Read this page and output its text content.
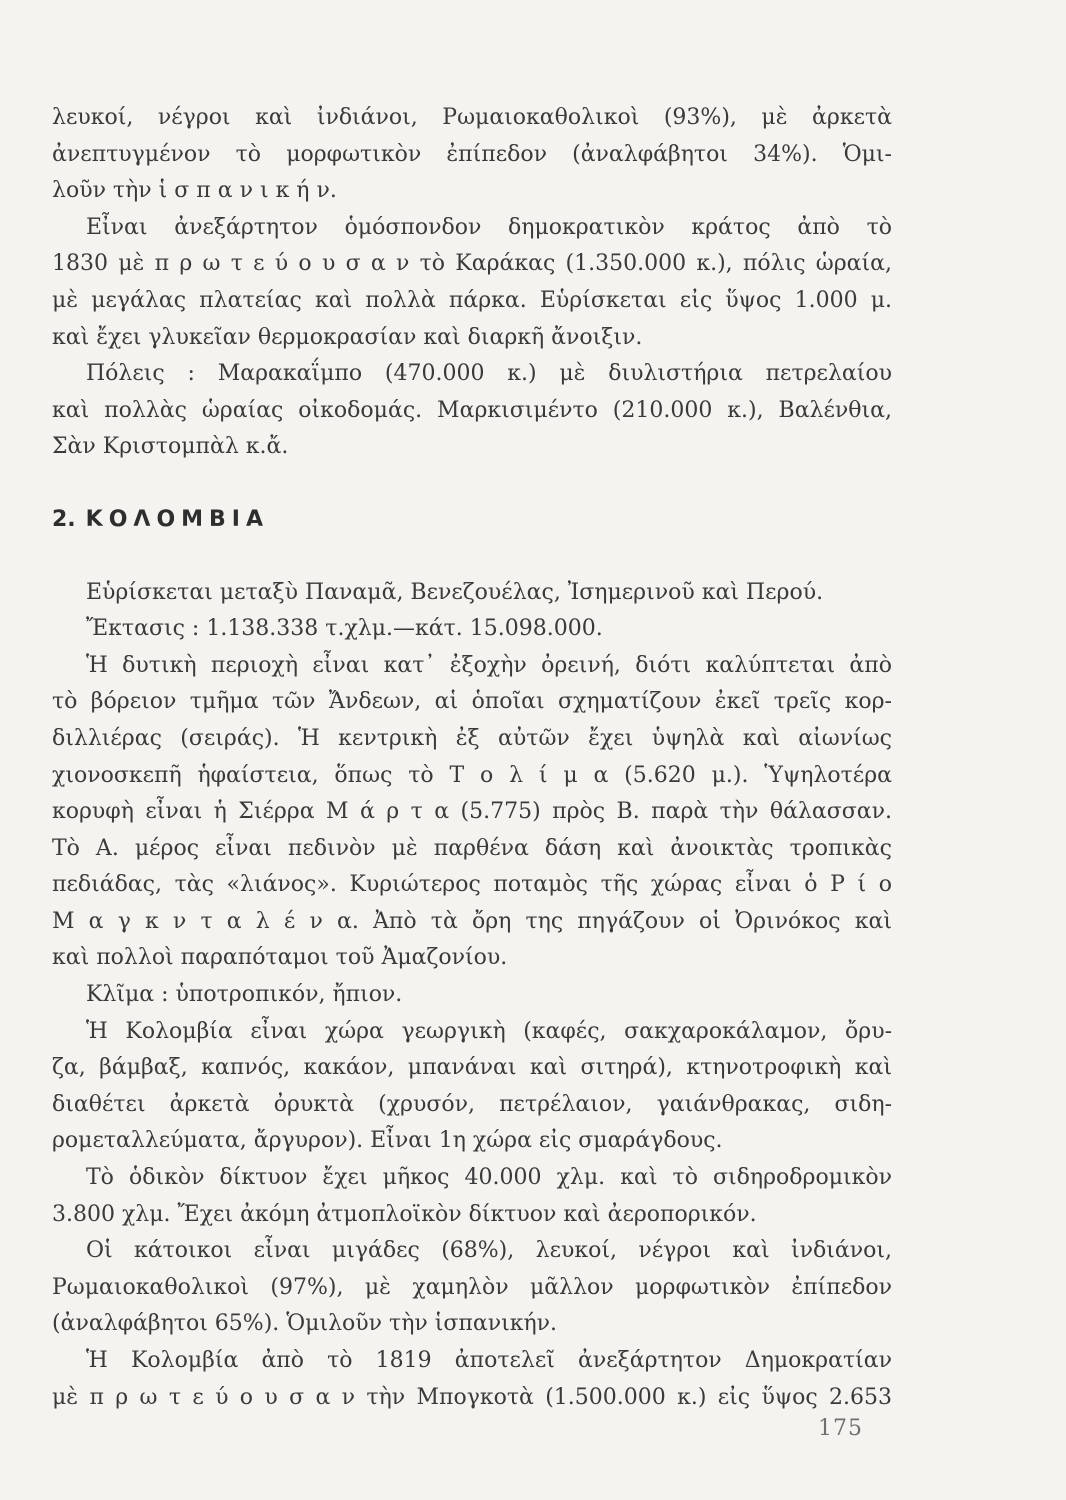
λευκοί, νέγροι καὶ ἰνδιάνοι, Ρωμαιοκαθολικοὶ (93%), μὲ ἀρκετὰ
ἀνεπτυγμένον τὸ μορφωτικὸν ἐπίπεδον (ἀναλφάβητοι 34%). Ὁμι-
λοῦν τὴν ἱ σ π α ν ι κ ή ν.
Εἶναι ἀνεξάρτητον ὁμόσπονδον δημοκρατικὸν κράτος ἀπὸ τὸ
1830 μὲ π ρ ω τ ε ύ ο υ σ α ν τὸ Καράκας (1.350.000 κ.), πόλις ὡραία,
μὲ μεγάλας πλατείας καὶ πολλὰ πάρκα. Εὑρίσκεται εἰς ὕψος 1.000 μ.
καὶ ἔχει γλυκεῖαν θερμοκρασίαν καὶ διαρκῆ ἄνοιξιν.
Πόλεις : Μαρακαΐμπο (470.000 κ.) μὲ διυλιστήρια πετρελαίου
καὶ πολλὰς ὡραίας οἰκοδομάς. Μαρκισιμέντο (210.000 κ.), Βαλένθια,
Σὰν Κριστομπὰλ κ.ἄ.
2. ΚΟΛΟΜΒΙΑ
Εὑρίσκεται μεταξὺ Παναμᾶ, Βενεζουέλας, Ἰσημερινοῦ καὶ Περού.
Ἔκτασις : 1.138.338 τ.χλμ.—κάτ. 15.098.000.
Ἡ δυτικὴ περιοχὴ εἶναι κατ᾿ ἐξοχὴν ὀρεινή, διότι καλύπτεται ἀπὸ
τὸ βόρειον τμῆμα τῶν Ἄνδεων, αἱ ὁποῖαι σχηματίζουν ἐκεῖ τρεῖς κορ-
διλλιέρας (σειράς). Ἡ κεντρικὴ ἐξ αὐτῶν ἔχει ὑψηλὰ καὶ αἰωνίως
χιονοσκεπῆ ἡφαίστεια, ὅπως τὸ Τ ο λ ί μ α (5.620 μ.). Ὑψηλοτέρα
κορυφὴ εἶναι ἡ Σιέρρα Μ ά ρ τ α (5.775) πρὸς Β. παρὰ τὴν θάλασσαν.
Τὸ Α. μέρος εἶναι πεδινὸν μὲ παρθένα δάση καὶ ἀνοικτὰς τροπικὰς
πεδιάδας, τὰς «λιάνος». Κυριώτερος ποταμὸς τῆς χώρας εἶναι ὁ Ρ ί ο
Μ α γ κ ν τ α λ έ ν α. Ἀπὸ τὰ ὄρη της πηγάζουν οἱ Ὀρινόκος καὶ
καὶ πολλοὶ παραπόταμοι τοῦ Ἀμαζονίου.
Κλῖμα : ὑποτροπικόν, ἤπιον.
Ἡ Κολομβία εἶναι χώρα γεωργικὴ (καφές, σακχαροκάλαμον, ὄρυ-
ζα, βάμβαξ, καπνός, κακάον, μπανάναι καὶ σιτηρά), κτηνοτροφικὴ καὶ
διαθέτει ἀρκετὰ ὀρυκτὰ (χρυσόν, πετρέλαιον, γαιάνθρακας, σιδη-
ρομεταλλεύματα, ἄργυρον). Εἶναι 1η χώρα εἰς σμαράγδους.
Τὸ ὁδικὸν δίκτυον ἔχει μῆκος 40.000 χλμ. καὶ τὸ σιδηροδρομικὸν
3.800 χλμ. Ἔχει ἀκόμη ἀτμοπλοϊκὸν δίκτυον καὶ ἀεροπορικόν.
Οἱ κάτοικοι εἶναι μιγάδες (68%), λευκοί, νέγροι καὶ ἰνδιάνοι,
Ρωμαιοκαθολικοὶ (97%), μὲ χαμηλὸν μᾶλλον μορφωτικὸν ἐπίπεδον
(ἀναλφάβητοι 65%). Ὁμιλοῦν τὴν ἱσπανικήν.
Ἡ Κολομβία ἀπὸ τὸ 1819 ἀποτελεῖ ἀνεξάρτητον Δημοκρατίαν
μὲ π ρ ω τ ε ύ ο υ σ α ν τὴν Μπογκοτὰ (1.500.000 κ.) εἰς ὕψος 2.653
175
